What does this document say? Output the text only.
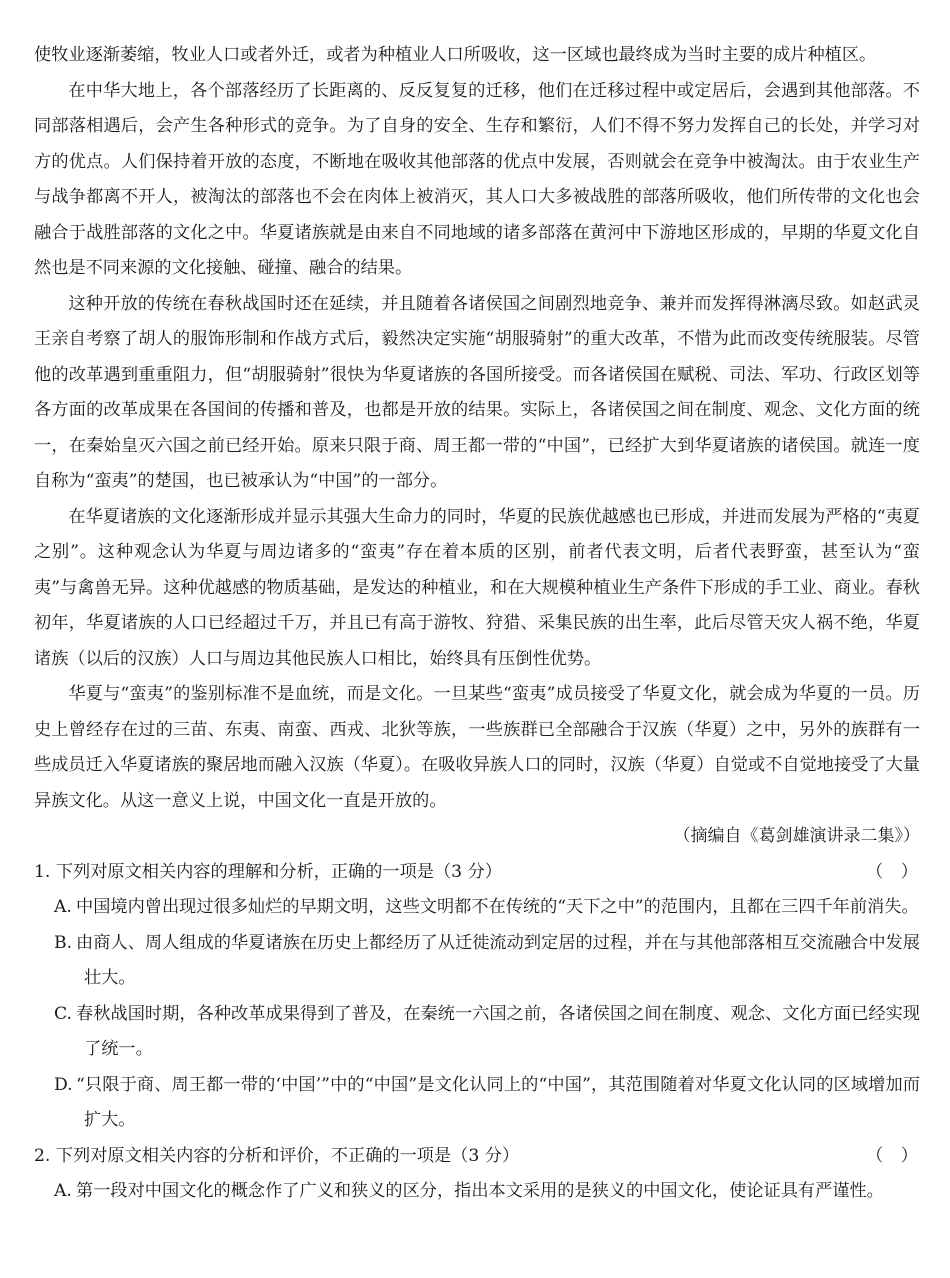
使牧业逐渐萎缩，牧业人口或者外迁，或者为种植业人口所吸收，这一区域也最终成为当时主要的成片种植区。

在中华大地上，各个部落经历了长距离的、反反复复的迁移，他们在迁移过程中或定居后，会遇到其他部落。不同部落相遇后，会产生各种形式的竞争。为了自身的安全、生存和繁衍，人们不得不努力发挥自己的长处，并学习对方的优点。人们保持着开放的态度，不断地在吸收其他部落的优点中发展，否则就会在竞争中被淘汰。由于农业生产与战争都离不开人，被淘汰的部落也不会在肉体上被消灭，其人口大多被战胜的部落所吸收，他们所传带的文化也会融合于战胜部落的文化之中。华夏诸族就是由来自不同地域的诸多部落在黄河中下游地区形成的，早期的华夏文化自然也是不同来源的文化接触、碰撞、融合的结果。

这种开放的传统在春秋战国时还在延续，并且随着各诸侯国之间剧烈地竞争、兼并而发挥得淋漓尽致。如赵武灵王亲自考察了胡人的服饰形制和作战方式后，毅然决定实施“胡服骑射”的重大改革，不惜为此而改变传统服装。尽管他的改革遇到重重阻力，但“胡服骑射”很快为华夏诸族的各国所接受。而各诸侯国在赋税、司法、军功、行政区划等各方面的改革成果在各国间的传播和普及，也都是开放的结果。实际上，各诸侯国之间在制度、观念、文化方面的统一，在秦始皇灭六国之前已经开始。原来只限于商、周王都一带的“中国”，已经扩大到华夏诸族的诸侯国。就连一度自称为“蛮夷”的楚国，也已被承认为“中国”的一部分。

在华夏诸族的文化逐渐形成并显示其强大生命力的同时，华夏的民族优越感也已形成，并进而发展为严格的“夷夏之别”。这种观念认为华夏与周边诸多的“蛮夷”存在着本质的区别，前者代表文明，后者代表野蛮，甚至认为“蛮夷”与禽兽无异。这种优越感的物质基础，是发达的种植业，和在大规模种植业生产条件下形成的手工业、商业。春秋初年，华夏诸族的人口已经超过千万，并且已有高于游牧、狩猎、采集民族的出生率，此后尽管天灾人祸不绝，华夏诸族（以后的汉族）人口与周边其他民族人口相比，始终具有压倒性优势。

华夏与“蛮夷”的鉴别标准不是血统，而是文化。一旦某些“蛮夷”成员接受了华夏文化，就会成为华夏的一员。历史上曾经存在过的三苗、东夷、南蛮、西戎、北狄等族，一些族群已全部融合于汉族（华夏）之中，另外的族群有一些成员迁入华夏诸族的聚居地而融入汉族（华夏）。在吸收异族人口的同时，汉族（华夏）自觉或不自觉地接受了大量异族文化。从这一意义上说，中国文化一直是开放的。

（摘编自《葛剑雄演讲录二集》）

1. 下列对原文相关内容的理解和分析，正确的一项是（3 分）	（ ）

A. 中国境内曾出现过很多灿烂的早期文明，这些文明都不在传统的“天下之中”的范围内，且都在三四千年前消失。

B. 由商人、周人组成的华夏诸族在历史上都经历了从迁徙流动到定居的过程，并在与其他部落相互交流融合中发展壮大。

C. 春秋战国时期，各种改革成果得到了普及，在秦统一六国之前，各诸侯国之间在制度、观念、文化方面已经实现了统一。

D. “只限于商、周王都一带的‘中国’”中的“中国”是文化认同上的“中国”，其范围随着对华夏文化认同的区域增加而扩大。

2. 下列对原文相关内容的分析和评价，不正确的一项是（3 分）	（ ）

A. 第一段对中国文化的概念作了广义和狭义的区分，指出本文采用的是狭义的中国文化，使论证具有严谨性。
